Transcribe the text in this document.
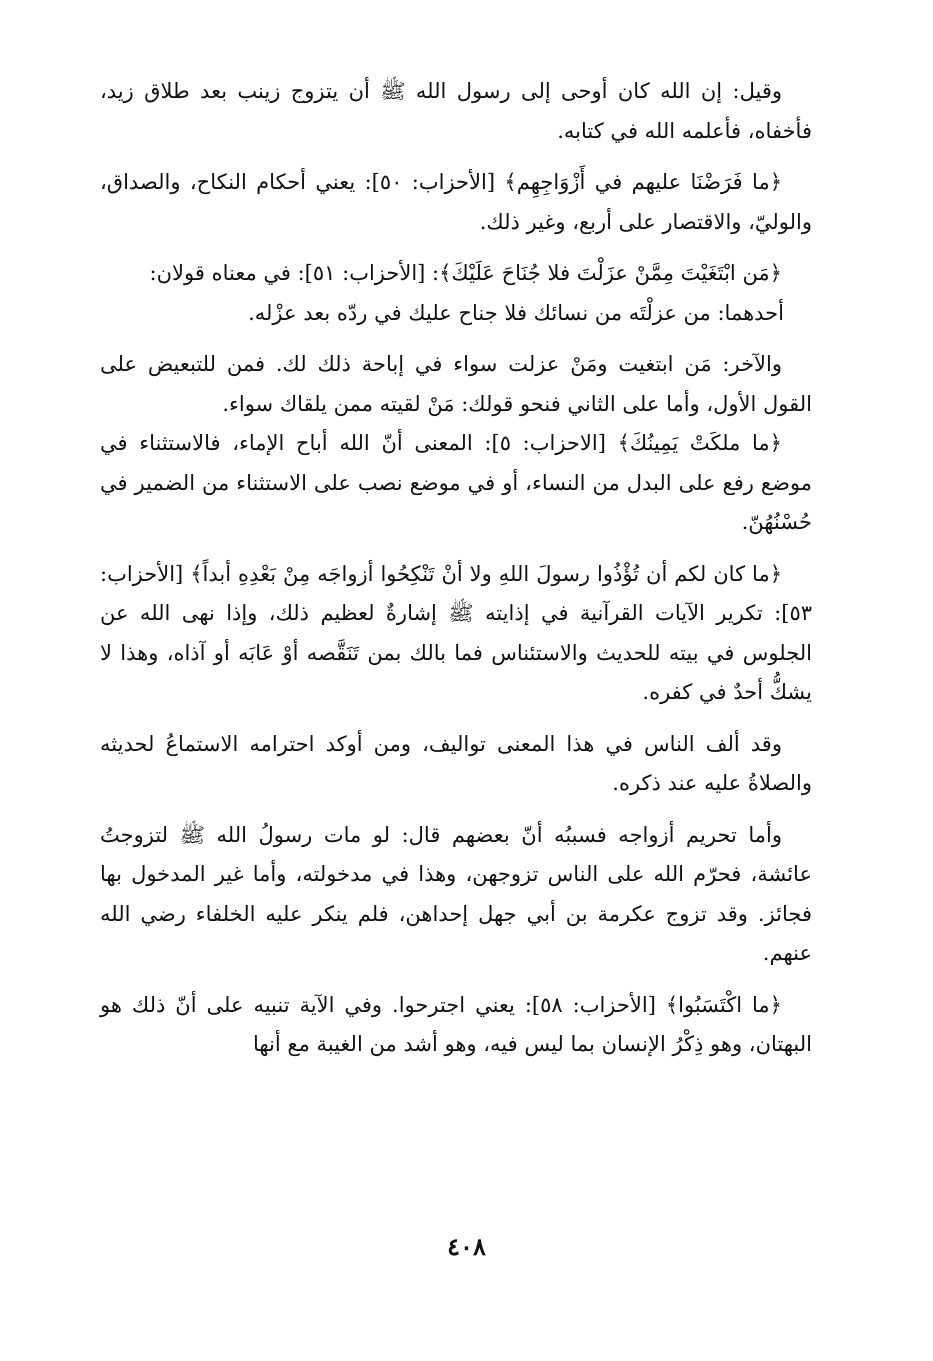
وقيل: إن الله كان أوحى إلى رسول الله ﷺ أن يتزوج زينب بعد طلاق زيد، فأخفاه، فأعلمه الله في كتابه.

﴿ما فَرَضْنَا عليهم في أَزْوَاجِهِم﴾ [الأحزاب: ٥٠]: يعني أحكام النكاح، والصداق، والوليّ، والاقتصار على أربع، وغير ذلك.

﴿مَن ابْتَغَيْتَ مِمَّنْ عزَلْتَ فلا جُنَاحَ عَلَيْكَ﴾: [الأحزاب: ٥١]: في معناه قولان:

أحدهما: من عزلْتَه من نسائك فلا جناح عليك في ردّه بعد عزْله.

والآخر: مَن ابتغيت ومَنْ عزلت سواء في إباحة ذلك لك. فمن للتبعيض على القول الأول، وأما على الثاني فنحو قولك: مَنْ لقيته ممن يلقاك سواء.

﴿ما ملكَتْ يَمِينُكَ﴾ [الاحزاب: ٥]: المعنى أنّ الله أباح الإماء، فالاستثناء في موضع رفع على البدل من النساء، أو في موضع نصب على الاستثناء من الضمير في حُسْنُهُنّ.

﴿ما كان لكم أن تُؤْذُوا رسولَ اللهِ ولا أنْ تَنْكِحُوا أزواجَه مِنْ بَعْدِهِ أبداً﴾ [الأحزاب: ٥٣]: تكرير الآيات القرآنية في إذايته ﷺ إشارةٌ لعظيم ذلك، وإذا نهى الله عن الجلوس في بيته للحديث والاستئناس فما بالك بمن تَنَقَّصه أوْ عَابَه أو آذاه، وهذا لا يشكُّ أحدٌ في كفره.

وقد ألف الناس في هذا المعنى تواليف، ومن أوكد احترامه الاستماعُ لحديثه والصلاةُ عليه عند ذكره.

وأما تحريم أزواجه فسببُه أنّ بعضهم قال: لو مات رسولُ الله ﷺ لتزوجتُ عائشة، فحرّم الله على الناس تزوجهن، وهذا في مدخولته، وأما غير المدخول بها فجائز. وقد تزوج عكرمة بن أبي جهل إحداهن، فلم ينكر عليه الخلفاء رضي الله عنهم.

﴿ما اكْتَسَبُوا﴾ [الأحزاب: ٥٨]: يعني اجترحوا. وفي الآية تنبيه على أنّ ذلك هو البهتان، وهو ذِكْرُ الإنسان بما ليس فيه، وهو أشد من الغيبة مع أنها

٤٠٨
